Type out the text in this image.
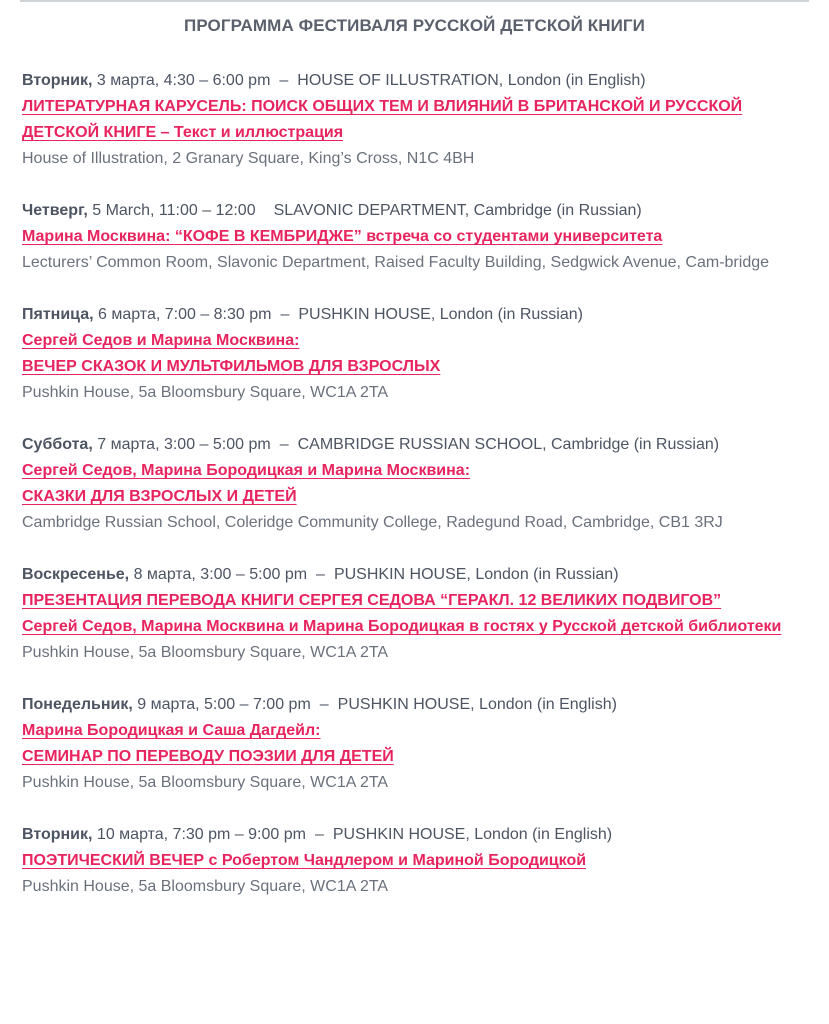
ПРОГРАММА ФЕСТИВАЛЯ РУССКОЙ ДЕТСКОЙ КНИГИ
Вторник, 3 марта, 4:30 – 6:00 pm – HOUSE OF ILLUSTRATION, London (in English)
ЛИТЕРАТУРНАЯ КАРУСЕЛЬ: ПОИСК ОБЩИХ ТЕМ И ВЛИЯНИЙ В БРИТАНСКОЙ И РУССКОЙ ДЕТСКОЙ КНИГЕ – Текст и иллюстрация
House of Illustration, 2 Granary Square, King’s Cross, N1C 4BH
Четверг, 5 March, 11:00 – 12:00 SLAVONIC DEPARTMENT, Cambridge (in Russian)
Марина Москвина: “КОФЕ В КЕМБРИДЖЕ” встреча со студентами университета
Lecturers’ Common Room, Slavonic Department, Raised Faculty Building, Sedgwick Avenue, Cam-bridge
Пятница, 6 марта, 7:00 – 8:30 pm – PUSHKIN HOUSE, London (in Russian)
Сергей Седов и Марина Москвина:
ВЕЧЕР СКАЗОК И МУЛЬТФИЛЬМОВ ДЛЯ ВЗРОСЛЫХ
Pushkin House, 5a Bloomsbury Square, WC1A 2TA
Суббота, 7 марта, 3:00 – 5:00 pm – CAMBRIDGE RUSSIAN SCHOOL, Cambridge (in Russian)
Сергей Седов, Марина Бородицкая и Марина Москвина:
СКАЗКИ ДЛЯ ВЗРОСЛЫХ И ДЕТЕЙ
Cambridge Russian School, Coleridge Community College, Radegund Road, Cambridge, CB1 3RJ
Воскресенье, 8 марта, 3:00 – 5:00 pm – PUSHKIN HOUSE, London (in Russian)
ПРЕЗЕНТАЦИЯ ПЕРЕВОДА КНИГИ СЕРГЕЯ СЕДОВА “ГЕРАКЛ. 12 ВЕЛИКИХ ПОДВИГОВ”
Сергей Седов, Марина Москвина и Марина Бородицкая в гостях у Русской детской библиотеки
Pushkin House, 5a Bloomsbury Square, WC1A 2TA
Понедельник, 9 марта, 5:00 – 7:00 pm – PUSHKIN HOUSE, London (in English)
Марина Бородицкая и Саша Дагдейл:
СЕМИНАР ПО ПЕРЕВОДУ ПОЭЗИИ ДЛЯ ДЕТЕЙ
Pushkin House, 5a Bloomsbury Square, WC1A 2TA
Вторник, 10 марта, 7:30 pm – 9:00 pm – PUSHKIN HOUSE, London (in English)
ПОЭТИЧЕСКИЙ ВЕЧЕР с Робертом Чандлером и Мариной Бородицкой
Pushkin House, 5a Bloomsbury Square, WC1A 2TA
